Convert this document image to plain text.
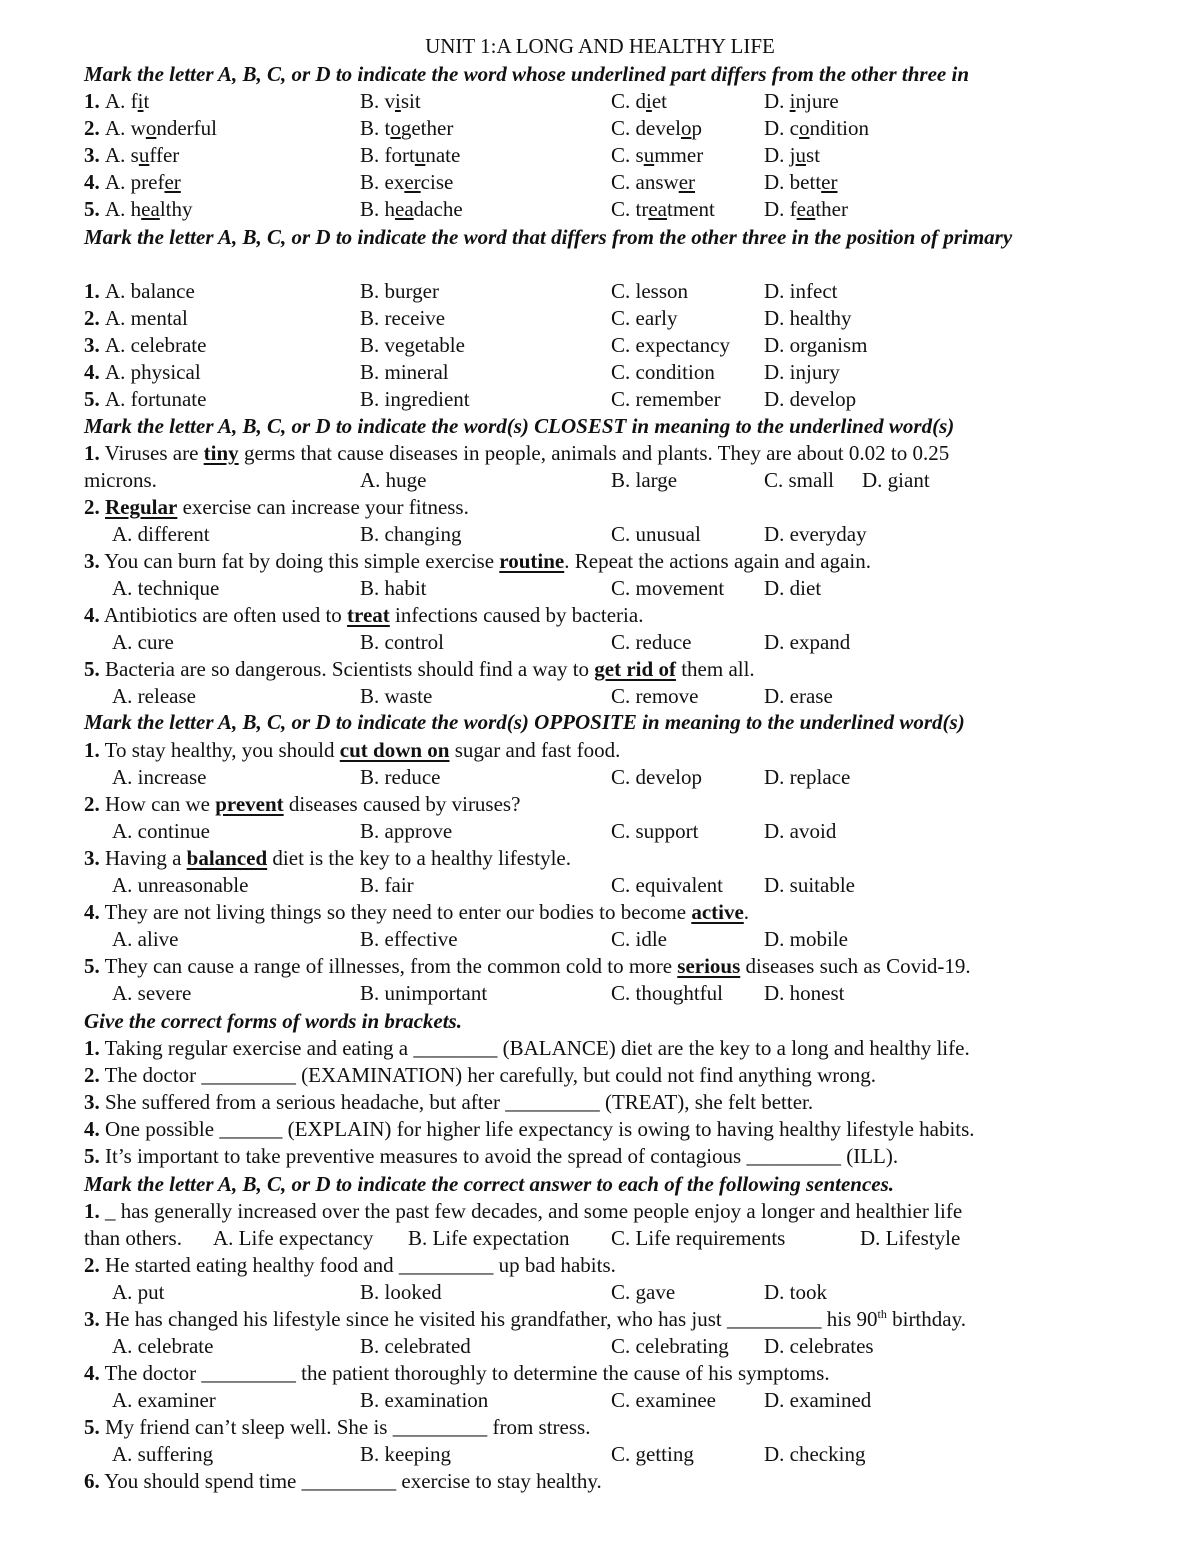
UNIT 1:A LONG AND HEALTHY LIFE
Mark the letter A, B, C, or D to indicate the word whose underlined part differs from the other three in
1. A. fit	B. visit	C. diet	D. injure
2. A. wonderful	B. together	C. develop	D. condition
3. A. suffer	B. fortunate	C. summer	D. just
4. A. prefer	B. exercise	C. answer	D. better
5. A. healthy	B. headache	C. treatment D. feather
Mark the letter A, B, C, or D to indicate the word that differs from the other three in the position of primary
1. A. balance	B. burger	C. lesson	D. infect
2. A. mental	B. receive	C. early	D. healthy
3. A. celebrate	B. vegetable	C. expectancy D. organism
4. A. physical	B. mineral	C. condition D. injury
5. A. fortunate	B. ingredient	C. remember D. develop
Mark the letter A, B, C, or D to indicate the word(s) CLOSEST in meaning to the underlined word(s)
1. Viruses are tiny germs that cause diseases in people, animals and plants. They are about 0.02 to 0.25
microns.	A. huge	B. large	C. small D. giant
2. Regular exercise can increase your fitness.
A. different	B. changing	C. unusual	D. everyday
3. You can burn fat by doing this simple exercise routine. Repeat the actions again and again.
A. technique	B. habit	C. movement D. diet
4. Antibiotics are often used to treat infections caused by bacteria.
A. cure	B. control	C. reduce	D. expand
5. Bacteria are so dangerous. Scientists should find a way to get rid of them all.
A. release	B. waste	C. remove	D. erase
Mark the letter A, B, C, or D to indicate the word(s) OPPOSITE in meaning to the underlined word(s)
1. To stay healthy, you should cut down on sugar and fast food.
A. increase	B. reduce	C. develop	D. replace
2. How can we prevent diseases caused by viruses?
A. continue	B. approve	C. support	D. avoid
3. Having a balanced diet is the key to a healthy lifestyle.
A. unreasonable	B. fair	C. equivalent D. suitable
4. They are not living things so they need to enter our bodies to become active.
A. alive	B. effective	C. idle	D. mobile
5. They can cause a range of illnesses, from the common cold to more serious diseases such as Covid-19.
A. severe	B. unimportant	C. thoughtful D. honest
Give the correct forms of words in brackets.
1. Taking regular exercise and eating a ________ (BALANCE) diet are the key to a long and healthy life.
2. The doctor _________ (EXAMINATION) her carefully, but could not find anything wrong.
3. She suffered from a serious headache, but after _________ (TREAT), she felt better.
4. One possible ______ (EXPLAIN) for higher life expectancy is owing to having healthy lifestyle habits.
5. It’s important to take preventive measures to avoid the spread of contagious _________ (ILL).
Mark the letter A, B, C, or D to indicate the correct answer to each of the following sentences.
1. _ has generally increased over the past few decades, and some people enjoy a longer and healthier life
than others. A. Life expectancy B. Life expectation C. Life requirements	D. Lifestyle
2. He started eating healthy food and _________ up bad habits.
A. put	B. looked	C. gave	D. took
3. He has changed his lifestyle since he visited his grandfather, who has just _________ his 90th birthday.
A. celebrate	B. celebrated	C. celebrating D. celebrates
4. The doctor _________ the patient thoroughly to determine the cause of his symptoms.
A. examiner	B. examination	C. examinee D. examined
5. My friend can’t sleep well. She is _________ from stress.
A. suffering	B. keeping	C. getting	D. checking
6. You should spend time _________ exercise to stay healthy.
